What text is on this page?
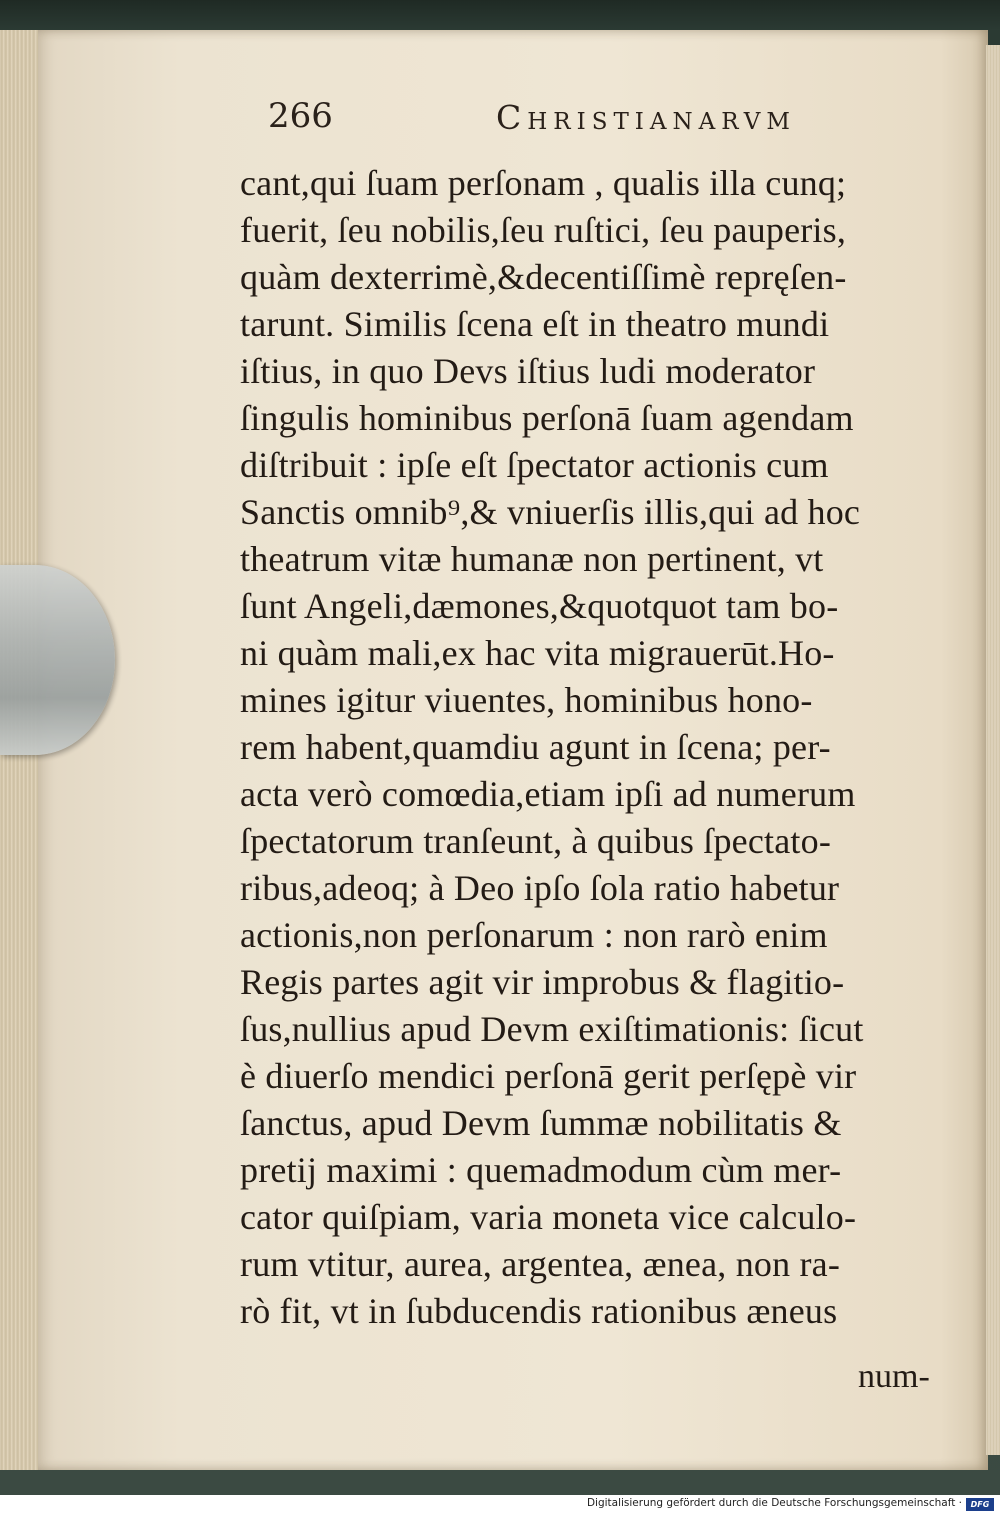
266	Christianarvm
cant,qui ſuam perſonam , qualis illa cunq;
fuerit, ſeu nobilis,ſeu ruſtici, ſeu pauperis,
quàm dexterrimè,&decentiſſimè repręſen-
tarunt. Similis ſcena eſt in theatro mundi
iſtius, in quo Devs iſtius ludi moderator
ſingulis hominibus perſonā ſuam agendam
diſtribuit : ipſe eſt ſpectator actionis cum
Sanctis omnib⁹,& vniuerſis illis,qui ad hoc
theatrum vitæ humanæ non pertinent, vt
ſunt Angeli,dæmones,&quotquot tam bo-
ni quàm mali,ex hac vita migrauerūt.Ho-
mines igitur viuentes, hominibus hono-
rem habent,quamdiu agunt in ſcena; per-
acta verò comœdia,etiam ipſi ad numerum
ſpectatorum tranſeunt, à quibus ſpectato-
ribus,adeoq; à Deo ipſo ſola ratio habetur
actionis,non perſonarum : non rarò enim
Regis partes agit vir improbus & flagitio-
ſus,nullius apud Devm exiſtimationis: ſicut
è diuerſo mendici perſonā gerit perſępè vir
ſanctus, apud Devm ſummæ nobilitatis &
pretij maximi : quemadmodum cùm mer-
cator quiſpiam, varia moneta vice calculo-
rum vtitur, aurea, argentea, ænea, non ra-
rò fit, vt in ſubducendis rationibus æneus
num-
Digitalisierung gefördert durch die Deutsche Forschungsgemeinschaft ·	DFG
